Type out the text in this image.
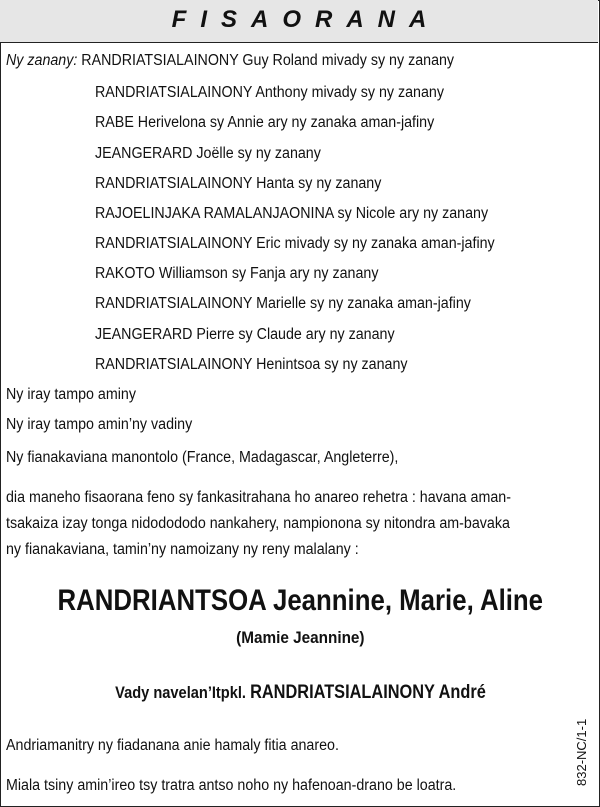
FISAORANA
Ny zanany: RANDRIATSIALAINONY Guy Roland mivady sy ny zanany
RANDRIATSIALAINONY Anthony mivady sy ny zanany
RABE Herivelona sy Annie ary ny zanaka aman-jafiny
JEANGERARD Joëlle sy ny zanany
RANDRIATSIALAINONY Hanta sy ny zanany
RAJOELINJAKA RAMALANJAONINA sy Nicole ary ny zanany
RANDRIATSIALAINONY Eric mivady sy ny zanaka aman-jafiny
RAKOTO Williamson sy Fanja ary ny zanany
RANDRIATSIALAINONY Marielle sy ny zanaka aman-jafiny
JEANGERARD Pierre sy Claude ary ny zanany
RANDRIATSIALAINONY Henintsoa sy ny zanany
Ny iray tampo aminy
Ny iray tampo amin’ny vadiny
Ny fianakaviana manontolo (France, Madagascar, Angleterre),
dia maneho fisaorana feno sy fankasitrahana ho anareo rehetra : havana aman-
tsakaiza izay tonga nidodododo nankahery, nampionona sy nitondra am-bavaka
ny fianakaviana, tamin’ny namoizany ny reny malalany :
RANDRIANTSOA Jeannine, Marie, Aline
(Mamie Jeannine)
Vady navelan’Itpkl. RANDRIATSIALAINONY André
Andriamanitry ny fiadanana anie hamaly fitia anareo.
Miala tsiny amin’ireo tsy tratra antso noho ny hafenoan-drano be loatra.	832-NC/1-1
